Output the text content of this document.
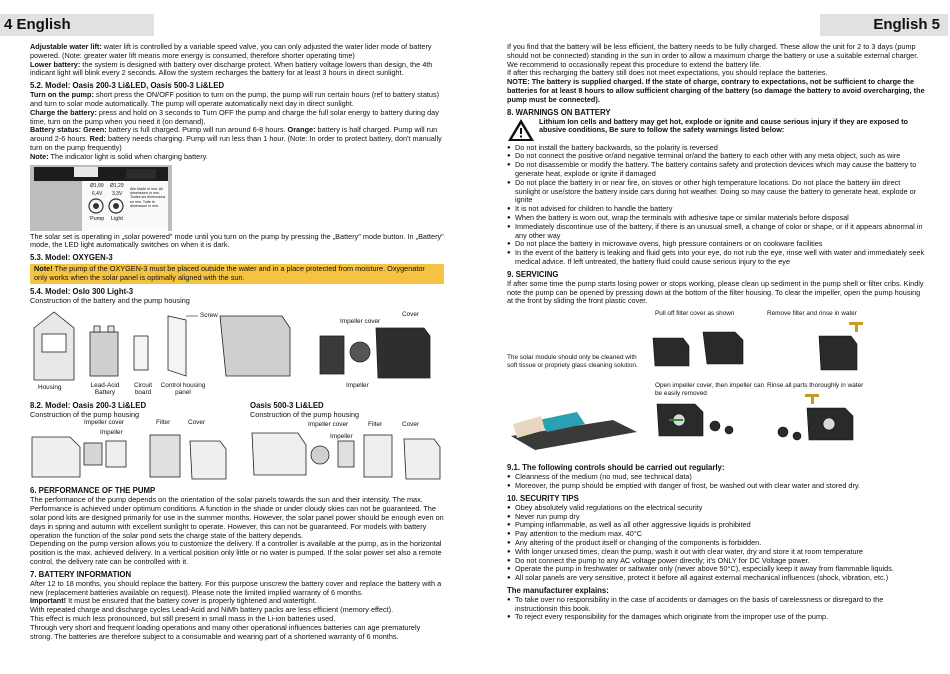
4 English

Adjustable water lift: water lift is controlled by a variable speed valve, you can only adjusted the water lider mode of battery powered. (Note: greater water lift means more energy is consumed, therefore shorter operating time)

Lower battery: the system is designed with battery over discharge protect. When battery voltage lowers than design, the 4th indicant light will blink every 2 seconds. Allow the system recharges the battery for at least 3 hours in direct sunlight.

5.2. Model: Oasis 200-3 Li&LED, Oasis 500-3 Li&LED

Turn on the pump: short press the ON/OFF position to turn on the pump, the pump will run certain hours (ref to battery status) and turn to solar mode automatically. The pump will operate automatically next day in direct sunlight.

Charge the battery: press and hold on 3 seconds to Turn OFF the pump and charge the full solar energy to battery during day time, turn on the pump when you need it (on demand).

Battery status: Green: battery is full charged. Pump will run around 6-8 hours. Orange: battery is half charged. Pump will run around 2-6 hours. Red: battery needs charging. Pump will run less than 1 hour. (Note: In order to protect battery, don't manually turn on the pump frequently)

Note: The indicator light is solid when charging battery.

Ø1,99 Ø1,29
6,4V 3,3V
Pump Light
Alle Maße in mm. All dimensions in mm. Toutes les dimensions en mm. Tutte le dimensioni in mm.

The solar set is operating in „solar powered" mode until you turn on the pump by pressing the „Battery" mode button. In „Battery" mode, the LED light automatically switches on when it is dark.

5.3. Model: OXYGEN-3
Note! The pump of the OXYGEN-3 must be placed outside the water and in a place protected from moisture. Oxygenator only works when the solar panel is optimally aligned with the sun.
5.4. Model: Oslo 300 Light-3

Construction of the battery and the pump housing

Screw
Housing	Lead-Acid Battery
Circuit board
Control housing panel
Impeller cover
Cover
Impeller
8.2. Model: Oasis 200-3 Li&LED

Construction of the pump housing

Oasis 500-3 Li&LED

Construction of the pump housing

Impeller cover
Impeller
Filter	Cover	Impeller cover
Impeller
Filter	Cover
6. PERFORMANCE OF THE PUMP

The performance of the pump depends on the orientation of the solar panels towards the sun and their intensity. The max. Performance is achieved under optimum conditions. A function in the shade or under cloudy skies can not be guaranteed. The solar pond kits are designed primarily for use in the summer months. However, the solar panel power should be enough even on days in spring and autumn with excellent sunlight to operate. However, this can not be guaranteed. For models with battery operation the function of the solar pond sets the charge state of the battery depends.

Depending on the pump version allows you to customize the delivery. If a controller is available at the pump, as in the horizontal position is the max. achieved delivery. In a vertical position only little or no water is pumped. If the solar power set also a remote control, the delivery rate can be controlled with it.

7. BATTERY INFORMATION

After 12 to 18 months, you should replace the battery. For this purpose unscrew the battery cover and replace the battery with a new (replacement batteries available on request). Please note the limited implied warranty of 6 months.

Important! It must be ensured that the battery cover is properly tightened and watertight.

With repeated charge and discharge cycles Lead-Acid and NiMh battery packs are less efficient (memory effect).

This effect is much less pronounced, but still present in small mass in the Li-ion batteries used.

Through very short and frequent loading operations and many other operational influences batteries can age prematurely strong. The batteries are therefore subject to a consumable and wearing part of a shortened warranty of 6 months.

English 5

If you find that the battery will be less efficient, the battery needs to be fully charged. These allow the unit for 2 to 3 days (pump should not be connected) standing in the sun in order to allow a maximum charge the battery or use a suitable external charger. We recommend to occasionally repeat this procedure to extend the battery life.

If after this recharging the battery still does not meet expectations, you should replace the batteries.

NOTE: The battery is supplied charged. If the state of charge, contrary to expectations, not be sufficient to charge the batteries for at least 8 hours to allow sufficient charging of the battery (so damage the battery to avoid overcharging, the pump must be connected).

8. WARNINGS ON BATTERY

Lithium Ion cells and battery may get hot, explode or ignite and cause serious injury if they are exposed to abusive conditions, Be sure to follow the safety warnings listed below:

● Do not install the battery backwards, so the polarity is reversed
● Do not connect the positive or/and negative terminal or/and the battery to each other with any meta object, such as wire
● Do not disassemble or modify the battery. The battery contains safety and protection devices which may cause the battery to generate heat, explode or ignite if damaged
● Do not place the battery in or near fire, on stoves or other high temperature locations. Do not place the battery iiin direct sunlight or use/store the battery inside cars during hot weather. Doing so may cause the battery to generate heat, explode or ignite
● It is not advised for children to handle the battery
● When the battery is worn out, wrap the terminals with adhesive tape or similar materials before disposal
● Immediately discontinue use of the battery, if there is an unusual smell, a change of color or shape, or if it appears abnormal in any other way
● Do not place the battery in microwave ovens, high pressure containers or on cookware facilities
● In the event of the battery is leaking and fluid gets into your eye, do not rub the eye, rinse well with water and immediately seek medical advice. If left untreated, the battery fluid could cause serious injury to the eye
9. SERVICING

If after some time the pump starts losing power or stops working, please clean up sediment in the pump shell or filter cribs. Kindly note the pump can be opened by pressing down at the bottom of the filter housing. To clear the impeller, open the pump housing at the front by sliding the front plastic cover.

Pull off filter cover as shown	Remove filter and rinse in water
The solar module should only be cleaned with soft tissue or propriety glass cleaning solution.
Open impeller cover, then impeller can be easily removed
Rinse all parts thoroughly in water
9.1. The following controls should be carried out regularly:
● Cleanness of the medium (no mud, see technical data)
● Moreover, the pump should be emptied with danger of frost, be washed out with clear water and stored dry.
10. SECURITY TIPS
● Obey absolutely valid regulations on the electrical security
● Never run pump dry
● Pumping inflammable, as well as all other aggressive liquids is prohibited
● Pay attention to the medium max. 40°C
● Any altering of the product itself or changing of the components is forbidden.
● With longer unused times, clean the pump, wash it out with clear water, dry and store it at room temperature
● Do not connect the pump to any AC voltage power directly; it's ONLY for DC Voltage power.
● Operate the pump in freshwater or saltwater only (never above 50°C), especially keep it away from flammable liquids.
● All solar panels are very sensitive, protect it before all against external mechanical influences (shock, vibration, etc.)
The manufacturer explains:
● To take over no responsibility in the case of accidents or damages on the basis of carelessness or disregard to the instructionsin this book.
● To reject every responsibility for the damages which originate from the improper use of the pump.
